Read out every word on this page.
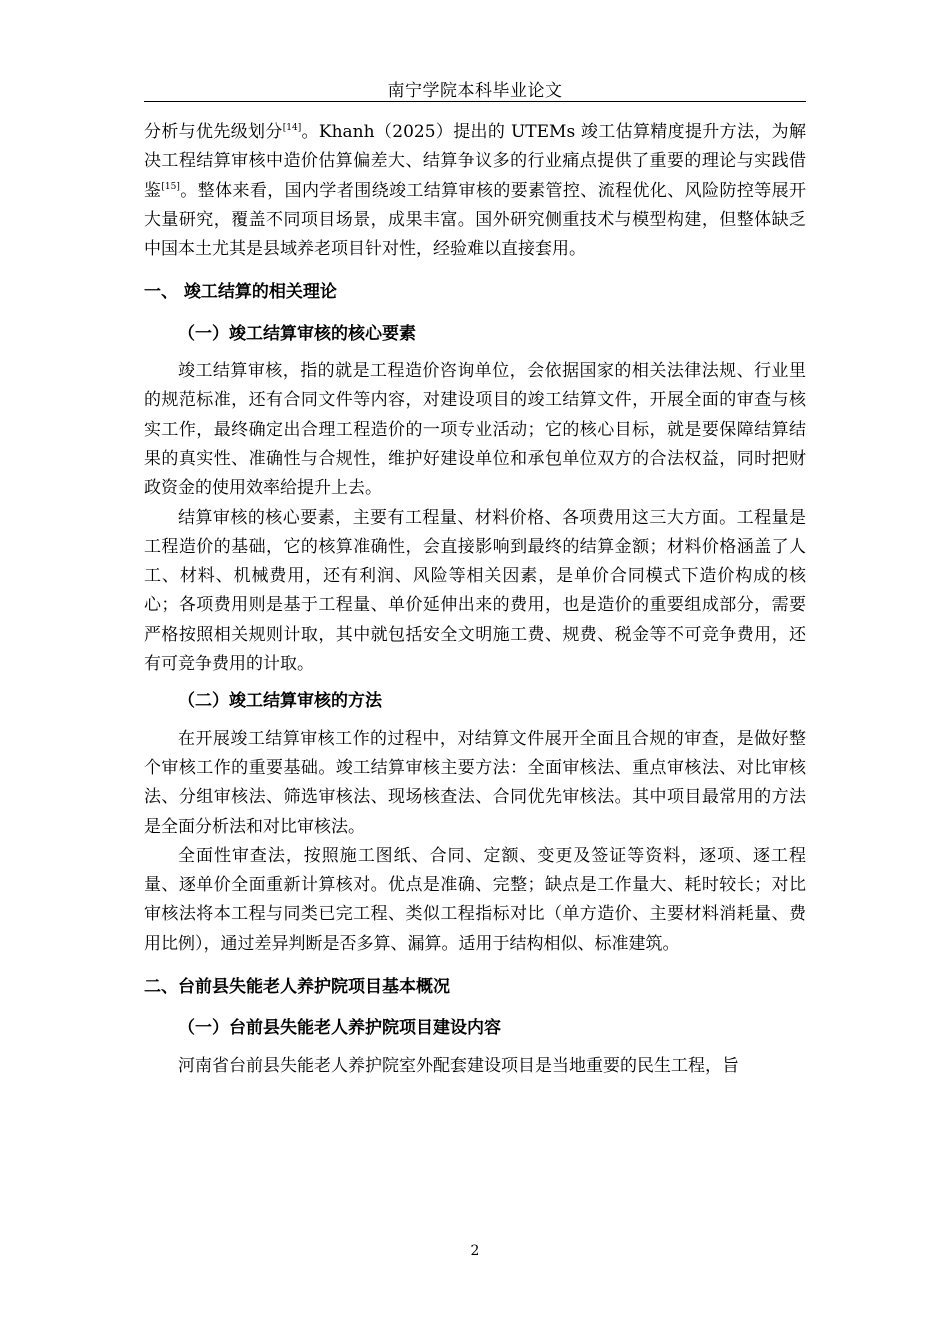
南宁学院本科毕业论文

分析与优先级划分[14]。Khanh（2025）提出的 UTEMs 竣工估算精度提升方法，为解决工程结算审核中造价估算偏差大、结算争议多的行业痛点提供了重要的理论与实践借鉴[15]。整体来看，国内学者围绕竣工结算审核的要素管控、流程优化、风险防控等展开大量研究，覆盖不同项目场景，成果丰富。国外研究侧重技术与模型构建，但整体缺乏中国本土尤其是县域养老项目针对性，经验难以直接套用。

一、 竣工结算的相关理论
（一）竣工结算审核的核心要素

竣工结算审核，指的就是工程造价咨询单位，会依据国家的相关法律法规、行业里的规范标准，还有合同文件等内容，对建设项目的竣工结算文件，开展全面的审查与核实工作，最终确定出合理工程造价的一项专业活动；它的核心目标，就是要保障结算结果的真实性、准确性与合规性，维护好建设单位和承包单位双方的合法权益，同时把财政资金的使用效率给提升上去。

结算审核的核心要素，主要有工程量、材料价格、各项费用这三大方面。工程量是工程造价的基础，它的核算准确性，会直接影响到最终的结算金额；材料价格涵盖了人工、材料、机械费用，还有利润、风险等相关因素，是单价合同模式下造价构成的核心；各项费用则是基于工程量、单价延伸出来的费用，也是造价的重要组成部分，需要严格按照相关规则计取，其中就包括安全文明施工费、规费、税金等不可竞争费用，还有可竞争费用的计取。

（二）竣工结算审核的方法

在开展竣工结算审核工作的过程中，对结算文件展开全面且合规的审查，是做好整个审核工作的重要基础。竣工结算审核主要方法：全面审核法、重点审核法、对比审核法、分组审核法、筛选审核法、现场核查法、合同优先审核法。其中项目最常用的方法是全面分析法和对比审核法。

全面性审查法，按照施工图纸、合同、定额、变更及签证等资料，逐项、逐工程量、逐单价全面重新计算核对。优点是准确、完整；缺点是工作量大、耗时较长；对比审核法将本工程与同类已完工程、类似工程指标对比（单方造价、主要材料消耗量、费用比例），通过差异判断是否多算、漏算。适用于结构相似、标准建筑。

二、台前县失能老人养护院项目基本概况
（一）台前县失能老人养护院项目建设内容

河南省台前县失能老人养护院室外配套建设项目是当地重要的民生工程，旨

2
